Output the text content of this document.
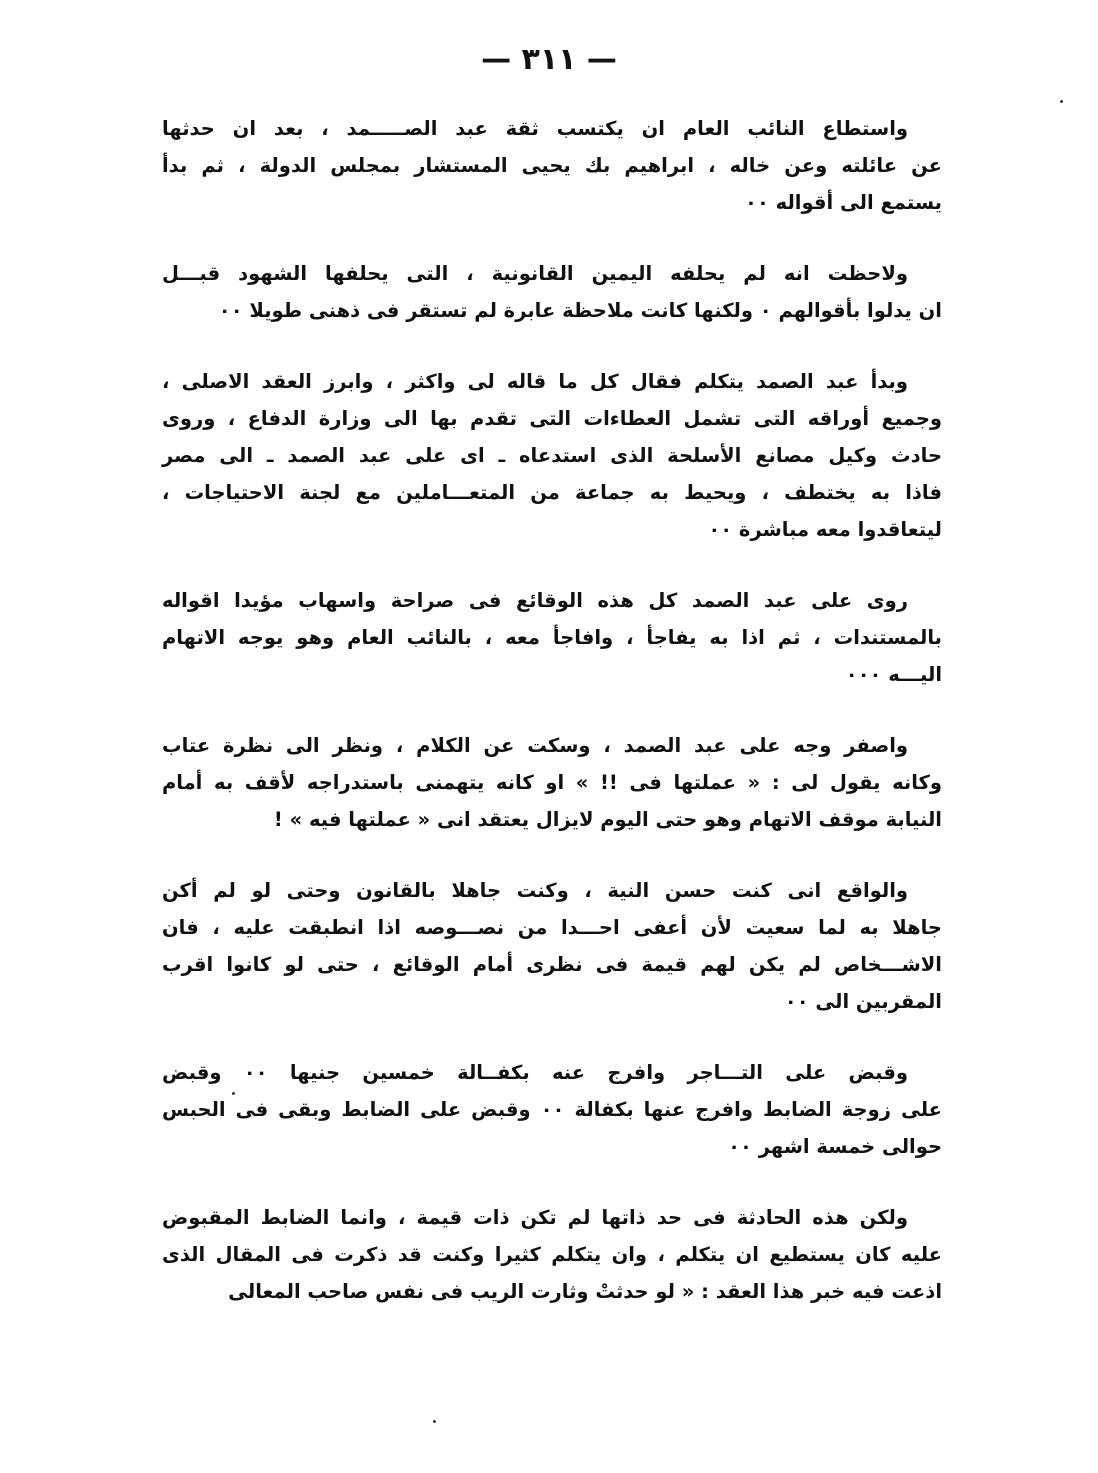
— ٣١١ —
واستطاع النائب العام ان يكتسب ثقة عبد الصـــــمد ، بعد ان حدثها
عن عائلته وعن خاله ، ابراهيم بك يحيى المستشار بمجلس الدولة ، ثم بدأ
يستمع الى أقواله ٠٠
ولاحظت انه لم يحلفه اليمين القانونية ، التى يحلفها الشهود قبـــل
ان يدلوا بأقوالهم ٠ ولكنها كانت ملاحظة عابرة لم تستقر فى ذهنى طويلا ٠٠
وبدأ عبد الصمد يتكلم فقال كل ما قاله لى واكثر ، وابرز العقد الاصلى ،
وجميع أوراقه التى تشمل العطاءات التى تقدم بها الى وزارة الدفاع ، وروى
حادث وكيل مصانع الأسلحة الذى استدعاه ـ اى على عبد الصمد ـ الى مصر
فاذا به يختطف ، ويحيط به جماعة من المتعـــاملين مع لجنة الاحتياجات ،
ليتعاقدوا معه مباشرة ٠٠
روى على عبد الصمد كل هذه الوقائع فى صراحة واسهاب مؤيدا اقواله
بالمستندات ، ثم اذا به يفاجأ ، وافاجأ معه ، بالنائب العام وهو يوجه الاتهام
اليـــه ٠٠٠
واصفر وجه على عبد الصمد ، وسكت عن الكلام ، ونظر الى نظرة عتاب
وكانه يقول لى : « عملتها فى !! » او كانه يتهمنى باستدراجه لأقف به أمام
النيابة موقف الاتهام وهو حتى اليوم لايزال يعتقد انى « عملتها فيه » !
والواقع انى كنت حسن النية ، وكنت جاهلا بالقانون وحتى لو لم أكن
جاهلا به لما سعيت لأن أعفى احـــدا من نصـــوصه اذا انطبقت عليه ، فان
الاشـــخاص لم يكن لهم قيمة فى نظرى أمام الوقائع ، حتى لو كانوا اقرب
المقربين الى ٠٠
وقبض على التـــاجر وافرج عنه بكفــالة خمسين جنيها ٠٠ وقبض
على زوجة الضابط وافرج عنها بكفالة ٠٠ وقبض على الضابط وبقى فى الحبس
حوالى خمسة اشهر ٠٠
ولكن هذه الحادثة فى حد ذاتها لم تكن ذات قيمة ، وانما الضابط المقبوض
عليه كان يستطيع ان يتكلم ، وان يتكلم كثيرا وكنت قد ذكرت فى المقال الذى
اذعت فيه خبر هذا العقد : « لو حدثتْ وثارت الريب فى نفس صاحب المعالى
